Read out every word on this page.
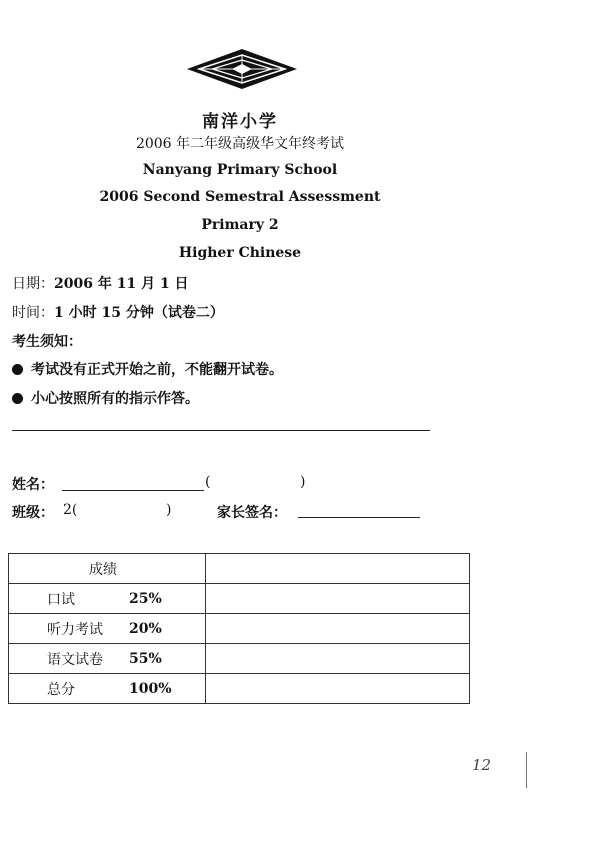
南洋小学
2006 年二年级高级华文年终考试
Nanyang Primary School
2006 Second Semestral Assessment
Primary 2
Higher Chinese
日期：2006 年 11 月 1 日
时间：1 小时 15 分钟（试卷二）
考生须知：
考试没有正式开始之前，不能翻开试卷。
小心按照所有的指示作答。
姓名：	(	)
班级： 2(	)	家长签名：
成绩	

口试 25%	

听力考试 20%	

语文试卷 55%	

总分 100%	

12
